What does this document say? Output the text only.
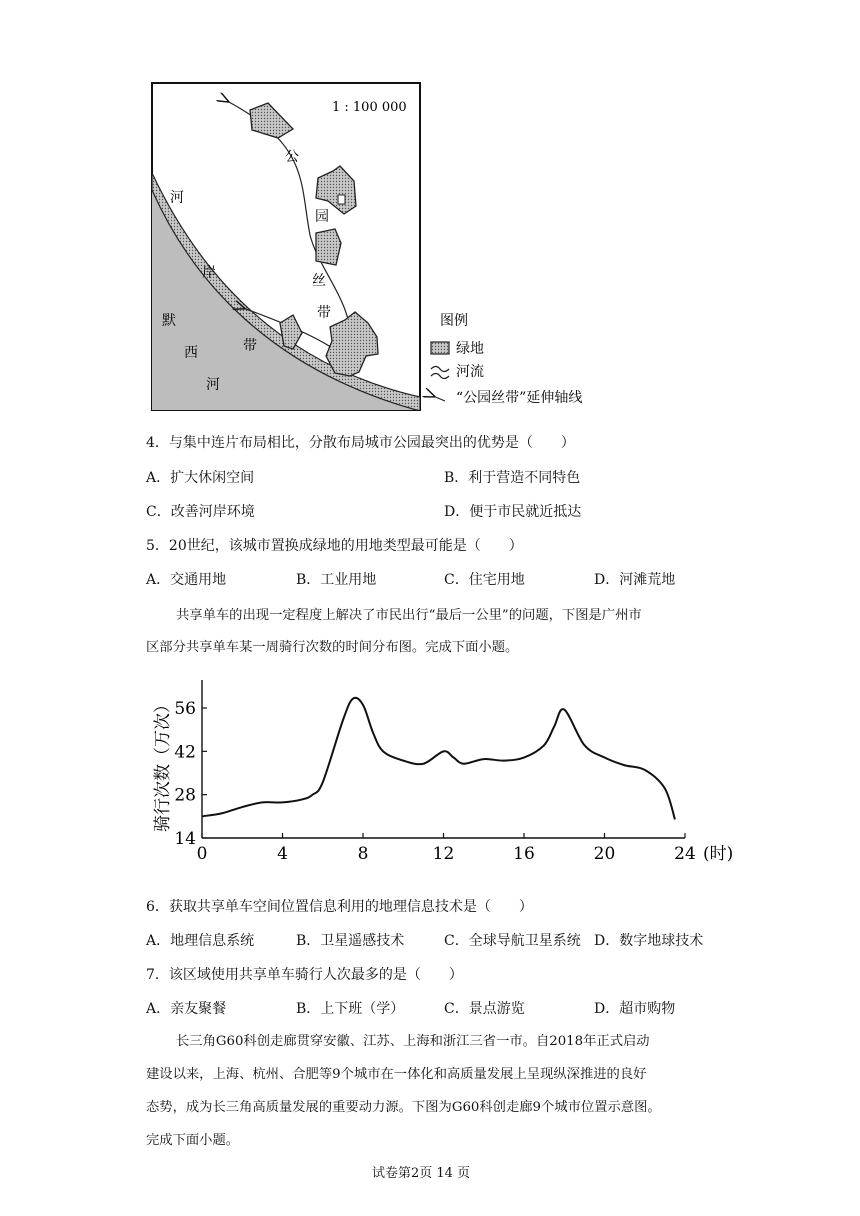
1 : 100 000
公
园
丝
带
河
岸
带
默
西
河
图例
绿地
河流
“公园丝带”延伸轴线
4．与集中连片布局相比，分散布局城市公园最突出的优势是（　　）
A．扩大休闲空间	B．利于营造不同特色
C．改善河岸环境	D．便于市民就近抵达
5．20世纪，该城市置换成绿地的用地类型最可能是（　　）
A．交通用地	B．工业用地	C．住宅用地	D．河滩荒地
共享单车的出现一定程度上解决了市民出行“最后一公里”的问题，下图是广州市
区部分共享单车某一周骑行次数的时间分布图。完成下面小题。
14
28
42
56
0	4	8	12	16	20	24
骑行次数（万次）
(时)
6．获取共享单车空间位置信息利用的地理信息技术是（　　）
A．地理信息系统	B．卫星遥感技术	C．全球导航卫星系统 D．数字地球技术
7．该区域使用共享单车骑行人次最多的是（　　）
A．亲友聚餐	B．上下班（学）	C．景点游览	D．超市购物
长三角G60科创走廊贯穿安徽、江苏、上海和浙江三省一市。自2018年正式启动
建设以来，上海、杭州、合肥等9个城市在一体化和高质量发展上呈现纵深推进的良好
态势，成为长三角高质量发展的重要动力源。下图为G60科创走廊9个城市位置示意图。
完成下面小题。
试卷第2页 14 页
